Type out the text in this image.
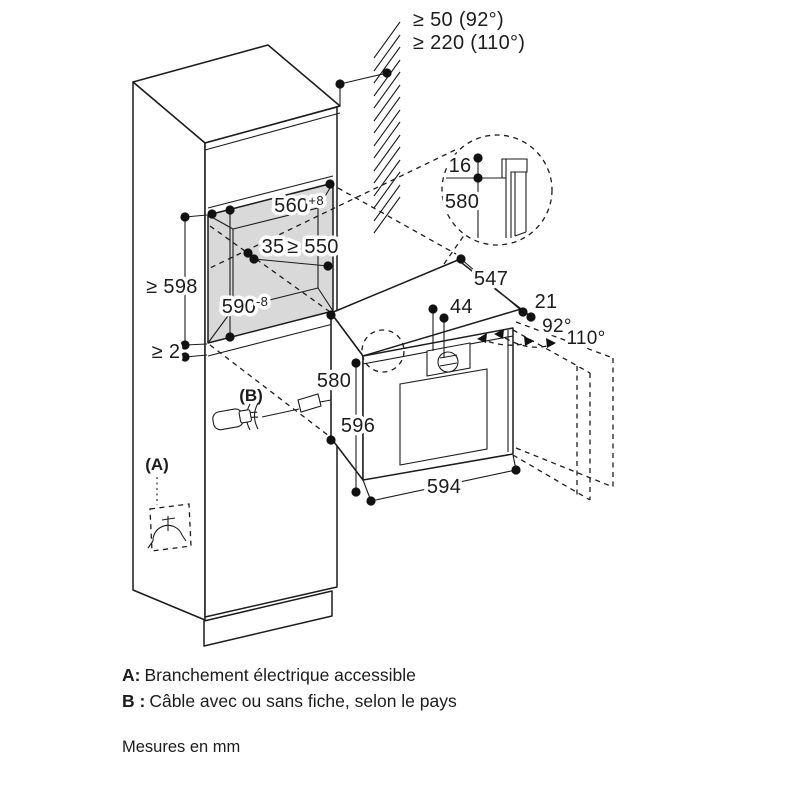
16
580
≥ 50 (92°)
≥ 220 (110°)
$560^{+8}$
$590^{-8}$
35 ≥ 550
≥ 598
≥ 2
580
596
594
547
21
44
92°
110°
(B)
(A)
A: Branchement électrique accessible
B : Câble avec ou sans fiche, selon le pays
Mesures en mm
